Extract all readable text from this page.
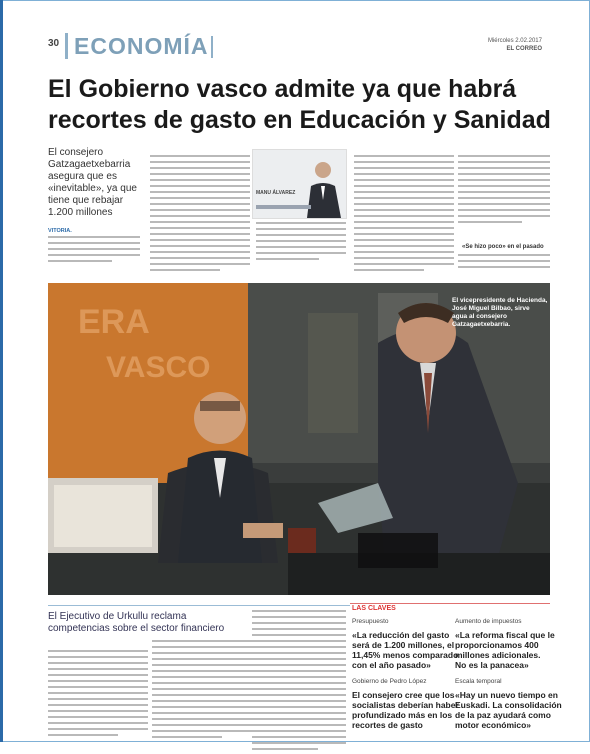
30 ECONOMÍA	Miércoles 2.02.2017
EL CORREO
El Gobierno vasco admite ya que habrá
recortes de gasto en Educación y Sanidad
El consejero
Gatzagaetxebarria
asegura que es
«inevitable», ya que
tiene que rebajar
1.200 millones
VITORIA.
MANU ÁLVAREZ
«Se hizo poco» en el pasado
ERA
VASCO
El vicepresidente de Hacienda,
José Miguel Bilbao, sirve
agua al consejero
Gatzagaetxebarria.
El Ejecutivo de Urkullu reclama
competencias sobre el sector financiero
LAS CLAVES
Presupuesto
«La reducción del gasto
será de 1.200 millones, el
11,45% menos comparado
con el año pasado»
Gobierno de Pedro López
El consejero cree que los
socialistas deberían haber
profundizado más en los
recortes de gasto
Aumento de impuestos
«La reforma fiscal que le
proporcionamos 400
millones adicionales.
No es la panacea»
Escala temporal
«Hay un nuevo tiempo en
Euskadi. La consolidación
de la paz ayudará como
motor económico»
